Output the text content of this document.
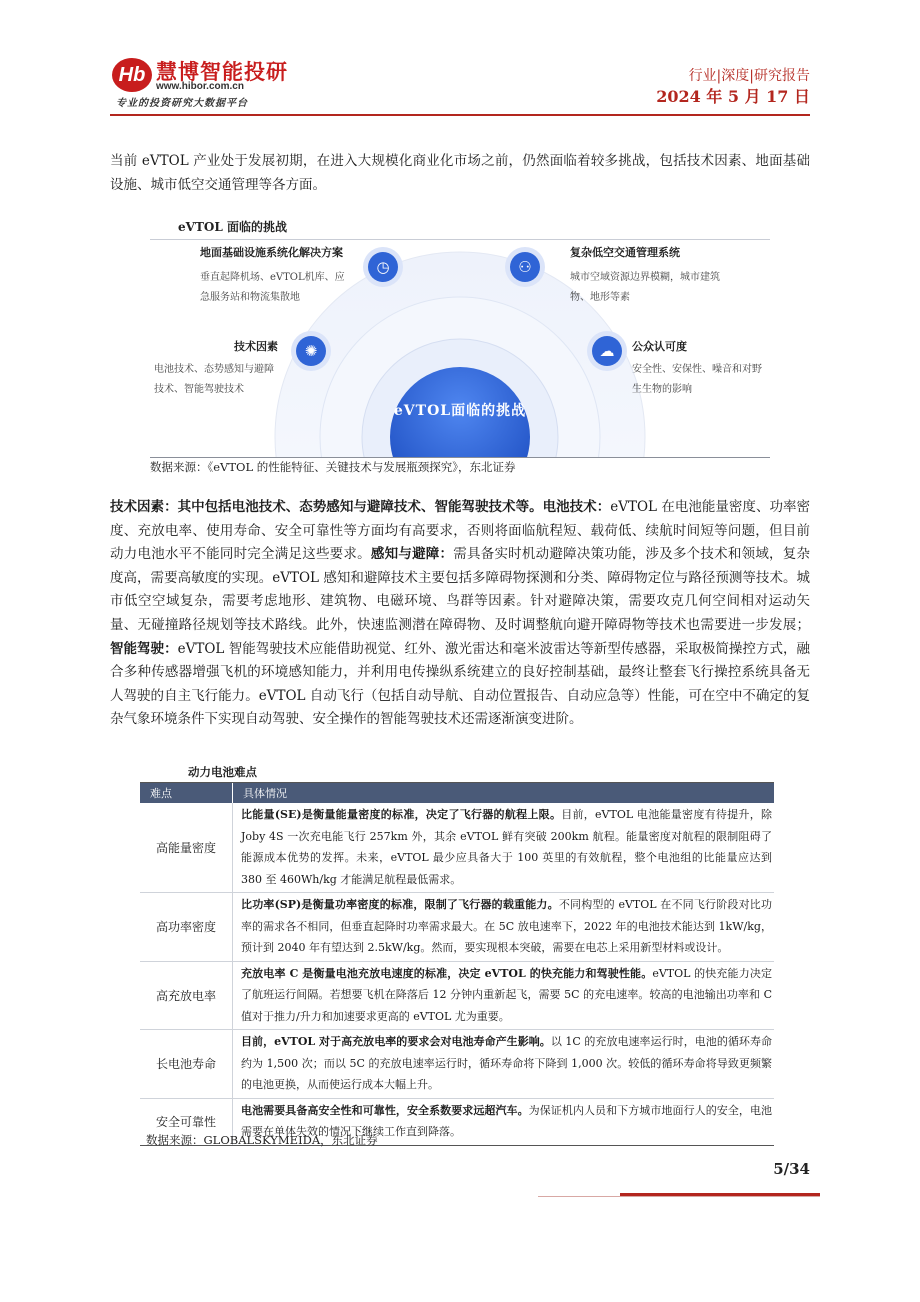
Hb 慧博智能投研
www.hibor.com.cn
专业的投资研究大数据平台
行业|深度|研究报告
2024 年 5 月 17 日
当前 eVTOL 产业处于发展初期，在进入大规模化商业化市场之前，仍然面临着较多挑战，包括技术因素、地面基础设施、城市低空交通管理等各方面。
eVTOL 面临的挑战
eVTOL面临的挑战
地面基础设施系统化解决方案
垂直起降机场、eVTOL机库、应急服务站和物流集散地
◷	⚇
复杂低空交通管理系统
城市空域资源边界模糊，城市建筑物、地形等素
技术因素
电池技术、态势感知与避障技术、智能驾驶技术
✺	☁	公众认可度
安全性、安保性、噪音和对野生生物的影响
数据来源：《eVTOL 的性能特征、关键技术与发展瓶颈探究》，东北证券
技术因素：其中包括电池技术、态势感知与避障技术、智能驾驶技术等。电池技术：eVTOL 在电池能量密度、功率密度、充放电率、使用寿命、安全可靠性等方面均有高要求，否则将面临航程短、载荷低、续航时间短等问题，但目前动力电池水平不能同时完全满足这些要求。感知与避障：需具备实时机动避障决策功能，涉及多个技术和领域，复杂度高，需要高敏度的实现。eVTOL 感知和避障技术主要包括多障碍物探测和分类、障碍物定位与路径预测等技术。城市低空空域复杂，需要考虑地形、建筑物、电磁环境、鸟群等因素。针对避障决策，需要攻克几何空间相对运动矢量、无碰撞路径规划等技术路线。此外，快速监测潜在障碍物、及时调整航向避开障碍物等技术也需要进一步发展；智能驾驶：eVTOL 智能驾驶技术应能借助视觉、红外、激光雷达和毫米波雷达等新型传感器，采取极简操控方式，融合多种传感器增强飞机的环境感知能力，并利用电传操纵系统建立的良好控制基础，最终让整套飞行操控系统具备无人驾驶的自主飞行能力。eVTOL 自动飞行（包括自动导航、自动位置报告、自动应急等）性能，可在空中不确定的复杂气象环境条件下实现自动驾驶、安全操作的智能驾驶技术还需逐渐演变进阶。
动力电池难点
难点	具体情况
高能量密度	比能量(SE)是衡量能量密度的标准，决定了飞行器的航程上限。目前，eVTOL 电池能量密度有待提升，除 Joby 4S 一次充电能飞行 257km 外，其余 eVTOL 鲜有突破 200km 航程。能量密度对航程的限制阻碍了能源成本优势的发挥。未来，eVTOL 最少应具备大于 100 英里的有效航程，整个电池组的比能量应达到 380 至 460Wh/kg 才能满足航程最低需求。
高功率密度	比功率(SP)是衡量功率密度的标准，限制了飞行器的载重能力。不同构型的 eVTOL 在不同飞行阶段对比功率的需求各不相同，但垂直起降时功率需求最大。在 5C 放电速率下，2022 年的电池技术能达到 1kW/kg，预计到 2040 年有望达到 2.5kW/kg。然而，要实现根本突破，需要在电芯上采用新型材料或设计。
高充放电率	充放电率 C 是衡量电池充放电速度的标准，决定 eVTOL 的快充能力和驾驶性能。eVTOL 的快充能力决定了航班运行间隔。若想要飞机在降落后 12 分钟内重新起飞，需要 5C 的充电速率。较高的电池输出功率和 C 值对于推力/升力和加速要求更高的 eVTOL 尤为重要。
长电池寿命	目前，eVTOL 对于高充放电率的要求会对电池寿命产生影响。以 1C 的充放电速率运行时，电池的循环寿命约为 1,500 次；而以 5C 的充放电速率运行时，循环寿命将下降到 1,000 次。较低的循环寿命将导致更频繁的电池更换，从而使运行成本大幅上升。
安全可靠性	电池需要具备高安全性和可靠性，安全系数要求远超汽车。为保证机内人员和下方城市地面行人的安全，电池需要在单体失效的情况下继续工作直到降落。
数据来源：GLOBALSKYMEIDA，东北证券
5/34
